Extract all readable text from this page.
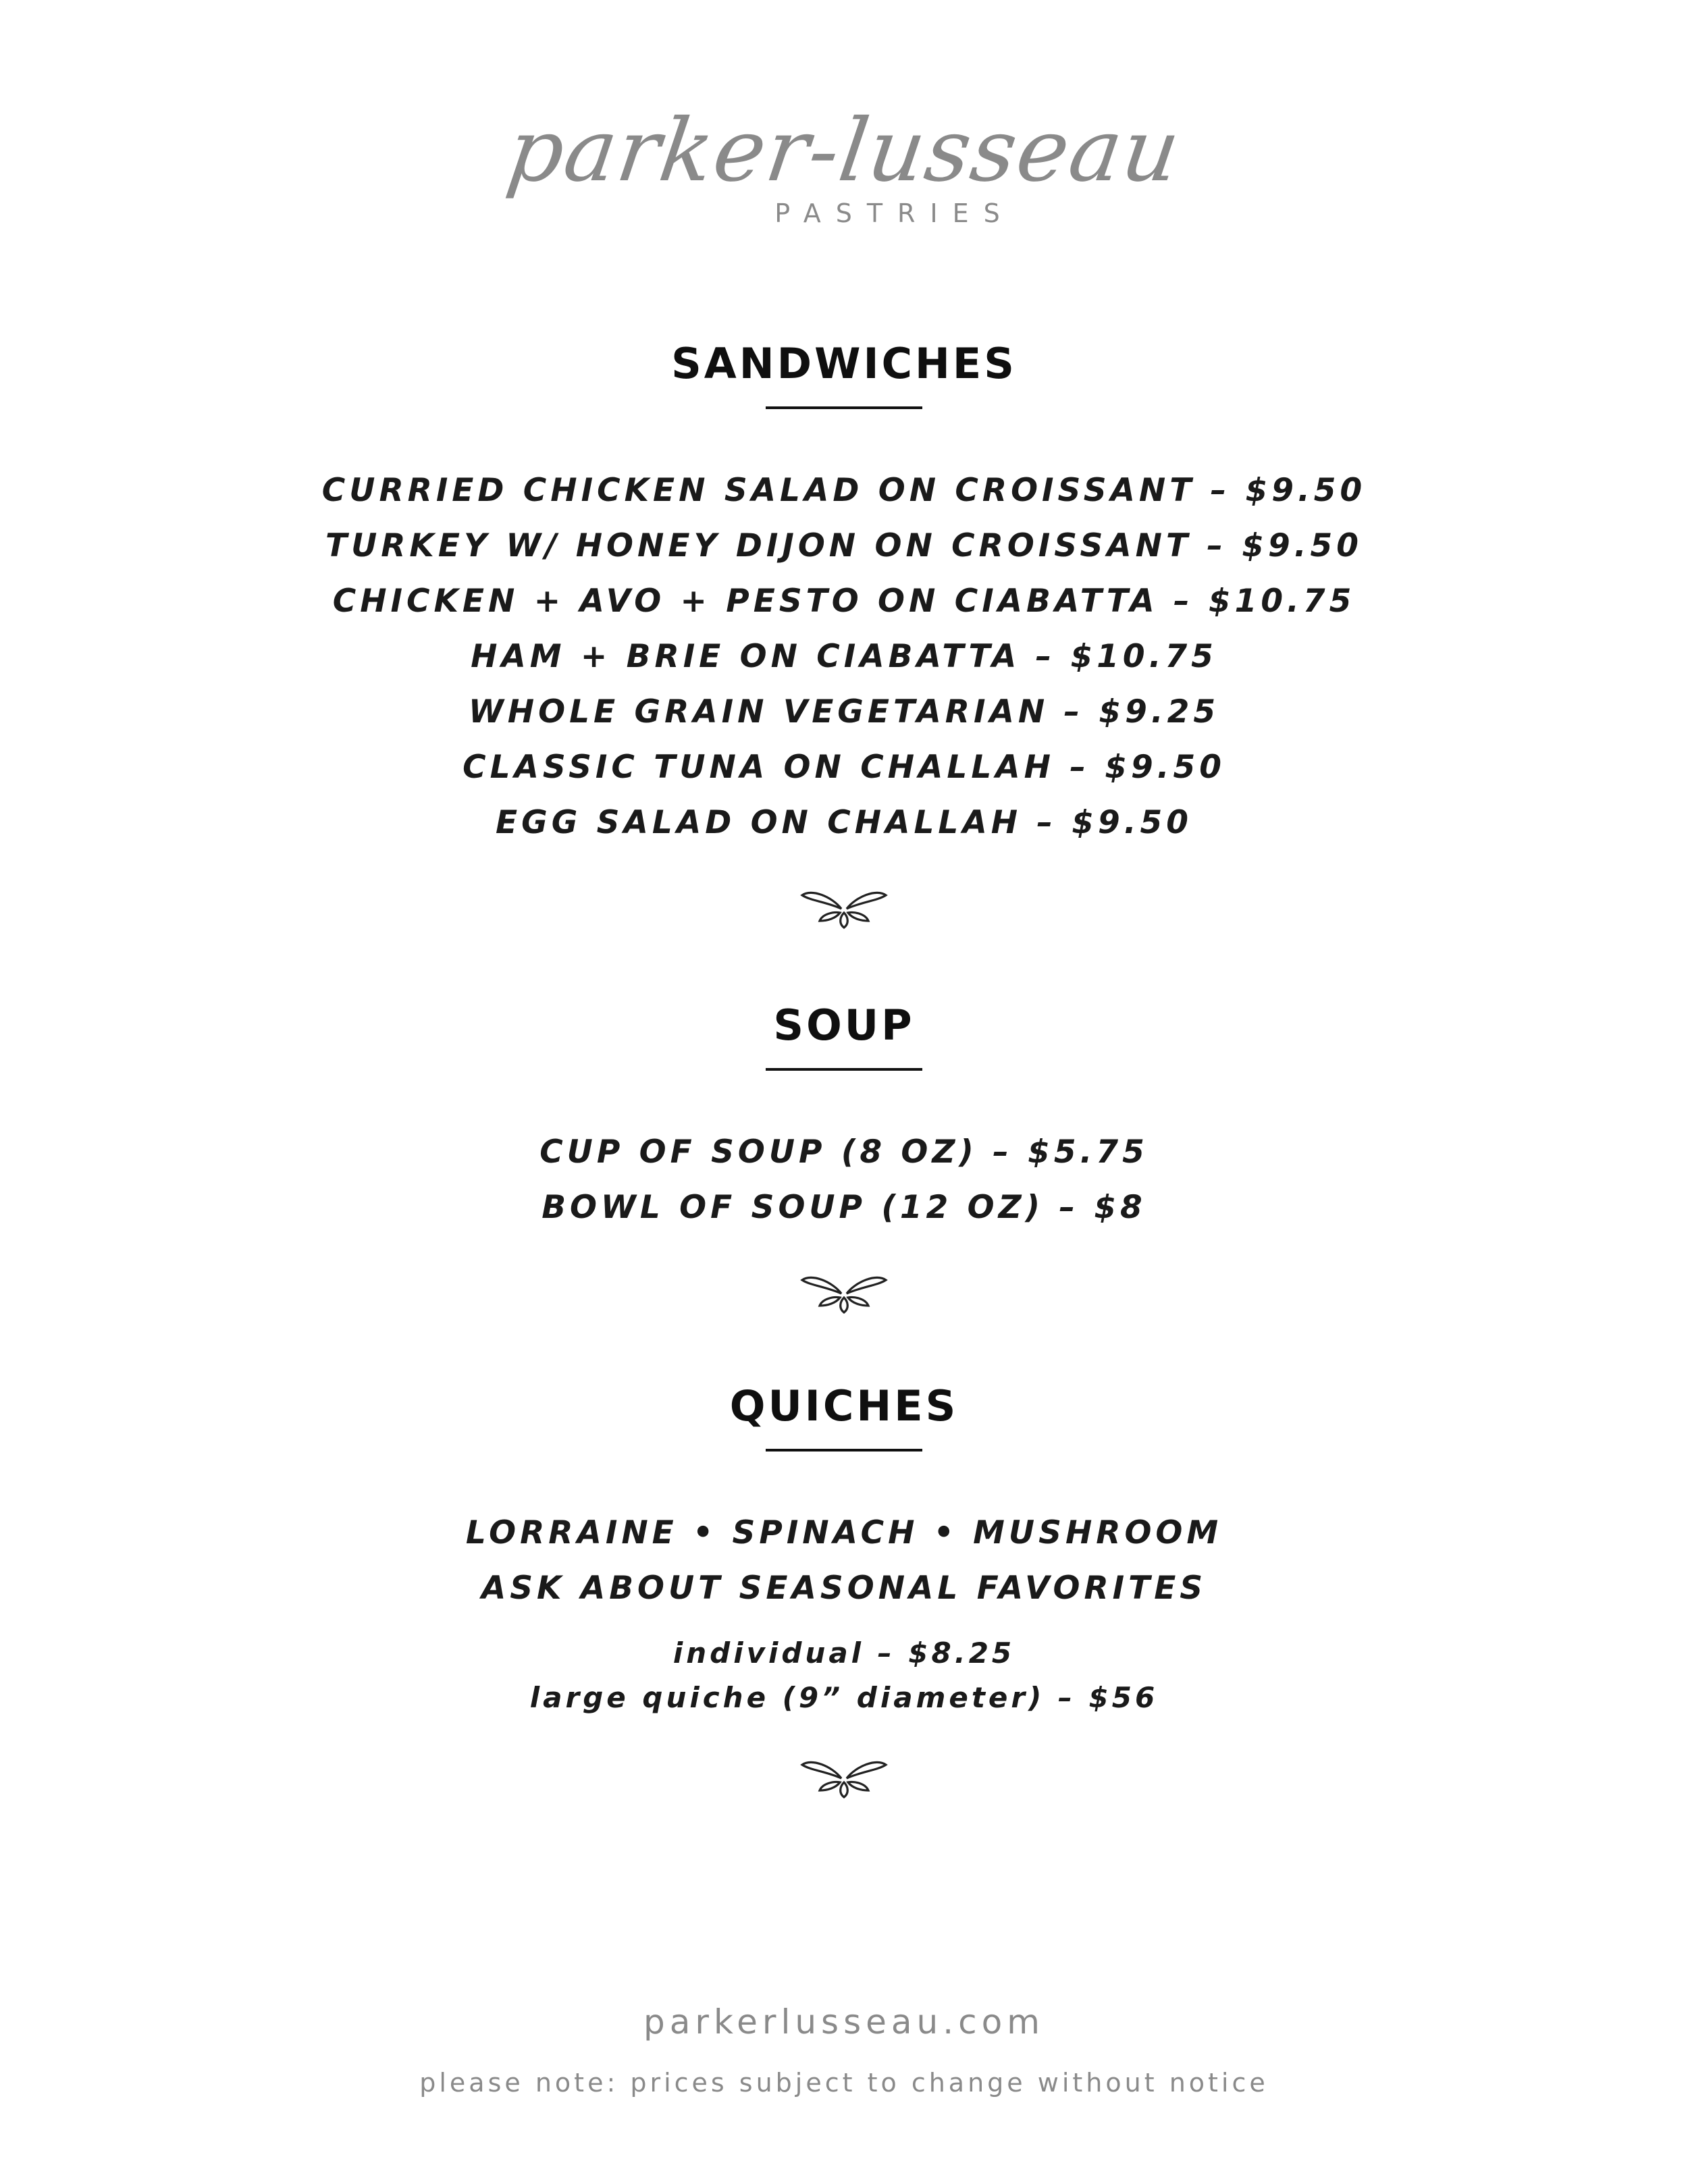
parker-lusseau
PASTRIES
SANDWICHES
CURRIED CHICKEN SALAD ON CROISSANT – $9.50
TURKEY W/ HONEY DIJON ON CROISSANT – $9.50
CHICKEN + AVO + PESTO ON CIABATTA – $10.75
HAM + BRIE ON CIABATTA – $10.75
WHOLE GRAIN VEGETARIAN – $9.25
CLASSIC TUNA ON CHALLAH – $9.50
EGG SALAD ON CHALLAH – $9.50
SOUP
CUP OF SOUP (8 OZ) – $5.75
BOWL OF SOUP (12 OZ) – $8
QUICHES
LORRAINE • SPINACH • MUSHROOM
ASK ABOUT SEASONAL FAVORITES
individual – $8.25
large quiche (9” diameter) – $56
parkerlusseau.com
please note: prices subject to change without notice
